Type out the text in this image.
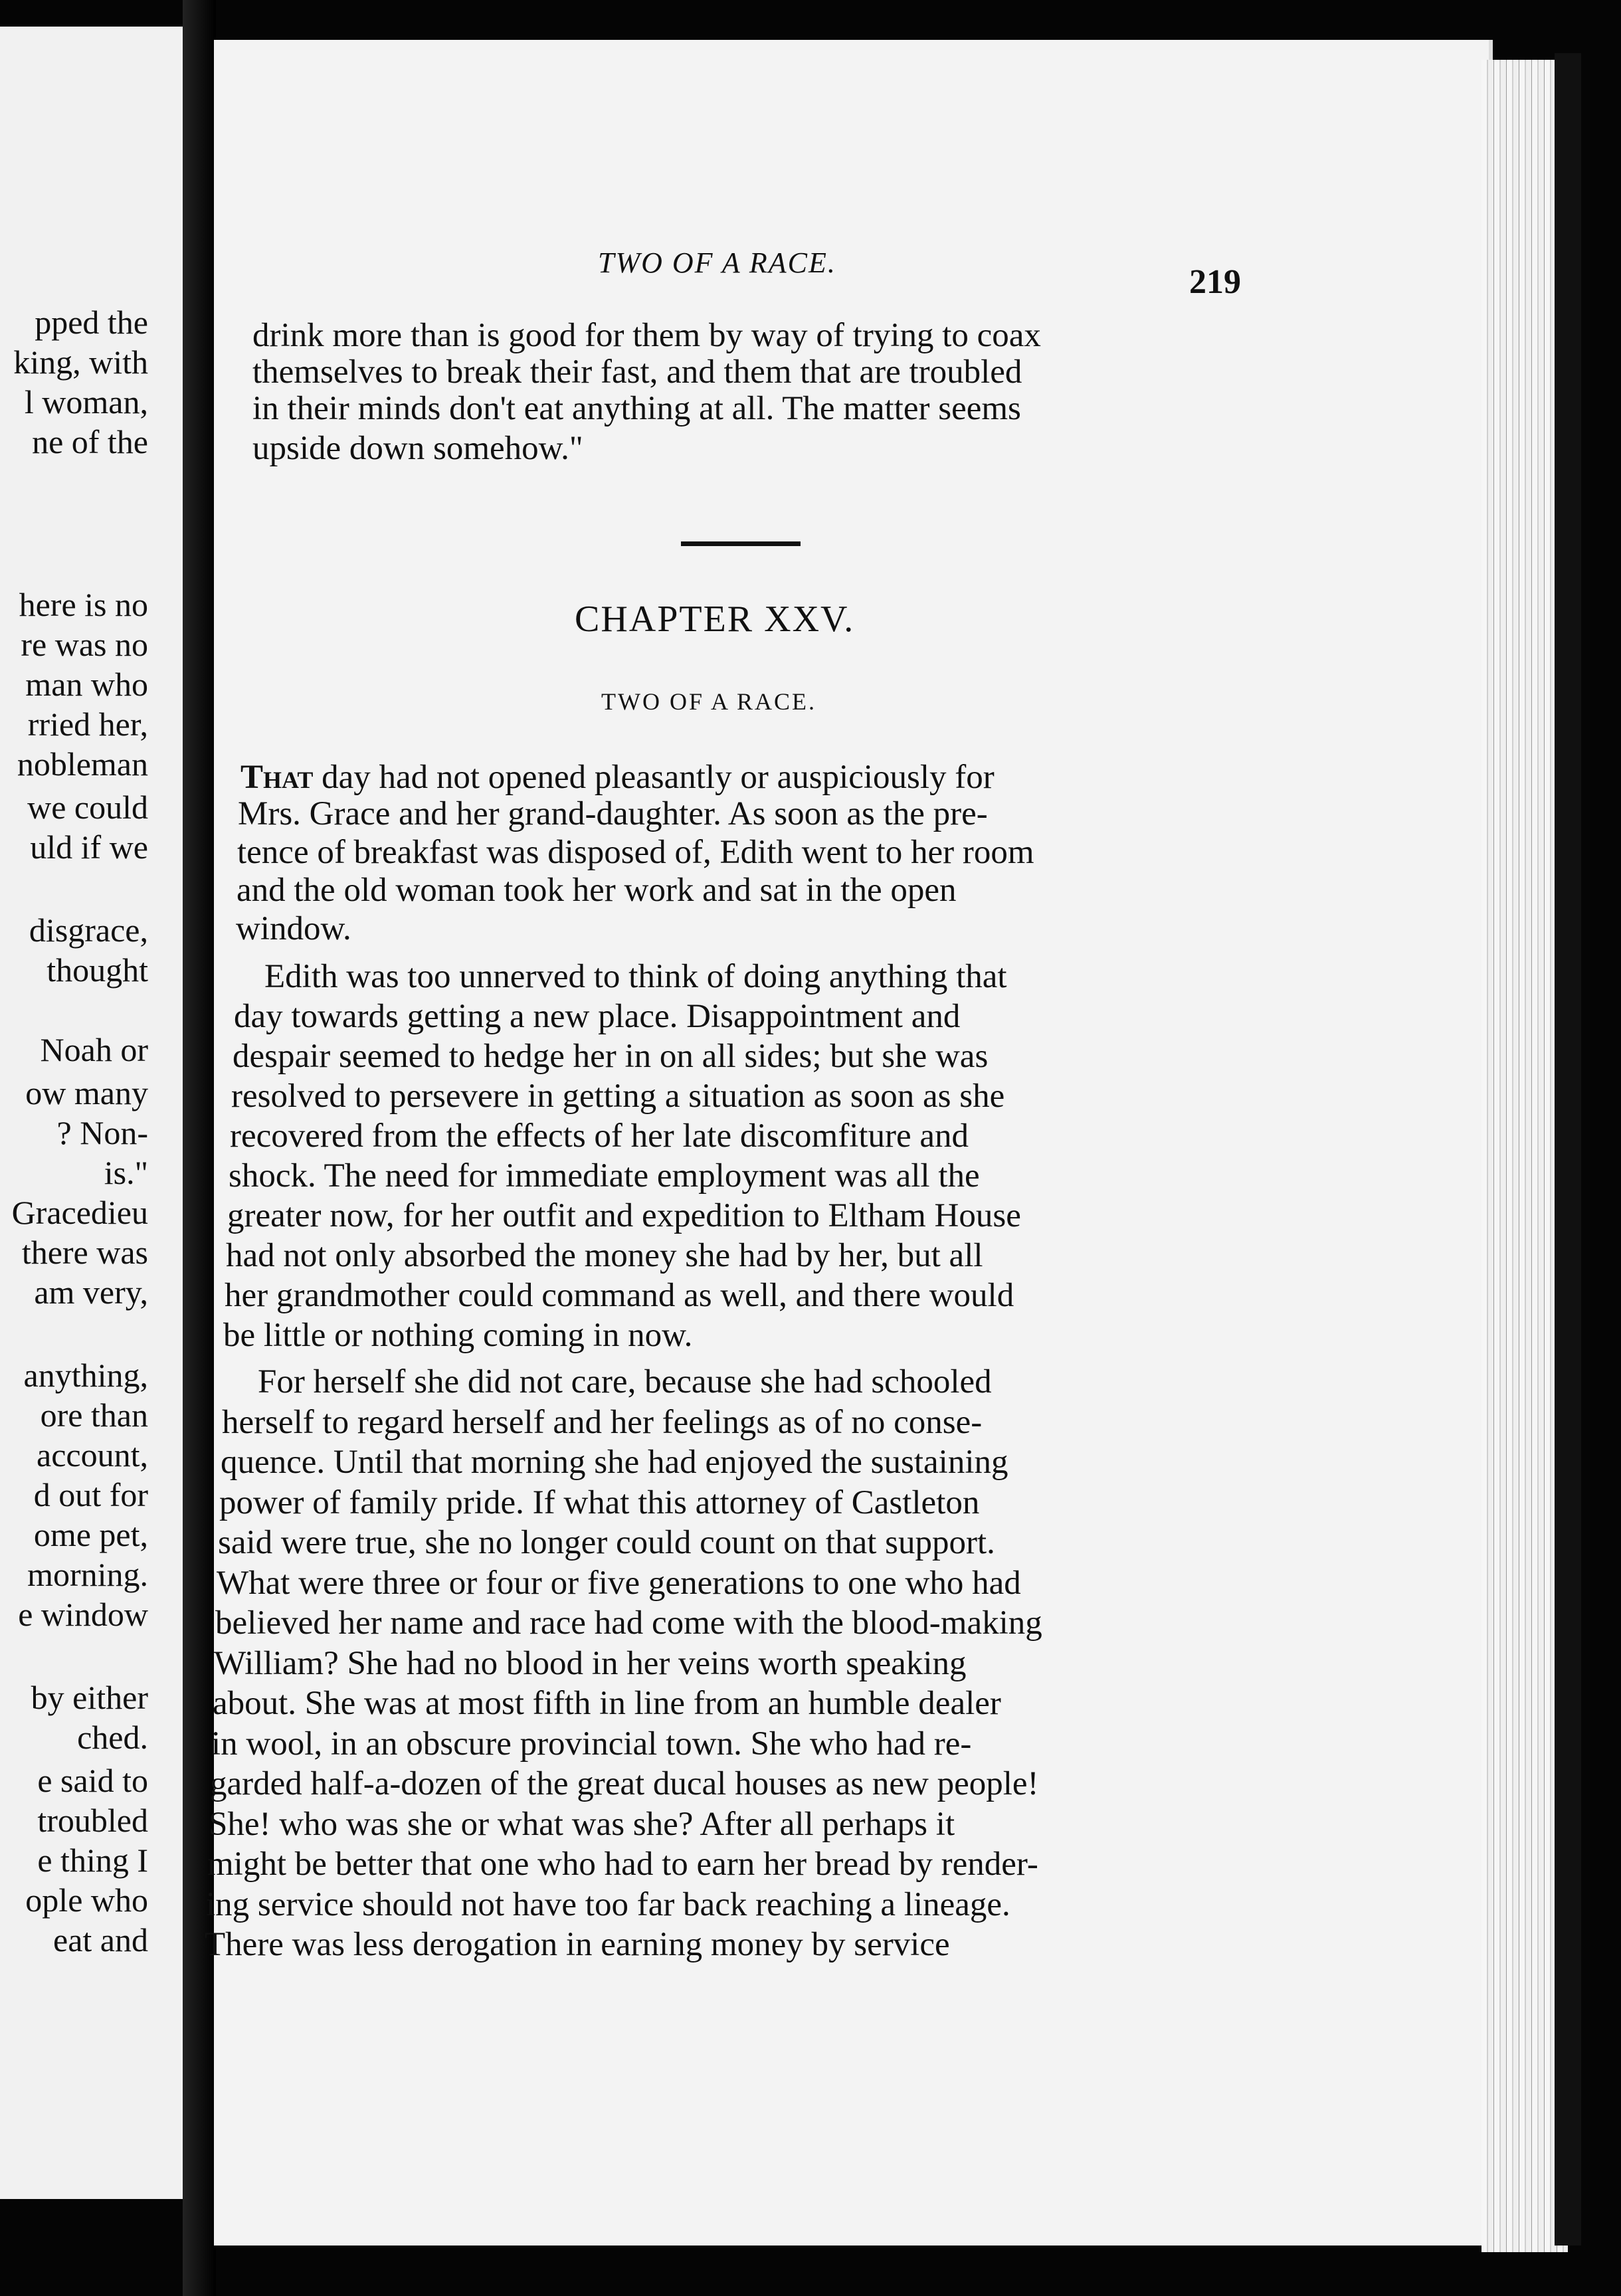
pped the
king, with
l woman,
ne of the
here is no
re was no
man who
rried her,
nobleman
we could
uld if we
disgrace,
thought
Noah or
ow many
? Non-
is."
Gracedieu
there was
am very,
anything,
ore than
account,
d out for
ome pet,
morning.
e window
by either
ched.
e said to
troubled
e thing I
ople who
eat and
TWO OF A RACE.
219
drink more than is good for them by way of trying to coax
themselves to break their fast, and them that are troubled
in their minds don't eat anything at all. The matter seems
upside down somehow."
That day had not opened pleasantly or auspiciously for
Mrs. Grace and her grand-daughter. As soon as the pre-
tence of breakfast was disposed of, Edith went to her room
and the old woman took her work and sat in the open
window.
Edith was too unnerved to think of doing anything that
day towards getting a new place. Disappointment and
despair seemed to hedge her in on all sides; but she was
resolved to persevere in getting a situation as soon as she
recovered from the effects of her late discomfiture and
shock. The need for immediate employment was all the
greater now, for her outfit and expedition to Eltham House
had not only absorbed the money she had by her, but all
her grandmother could command as well, and there would
be little or nothing coming in now.
For herself she did not care, because she had schooled
herself to regard herself and her feelings as of no conse-
quence. Until that morning she had enjoyed the sustaining
power of family pride. If what this attorney of Castleton
said were true, she no longer could count on that support.
What were three or four or five generations to one who had
believed her name and race had come with the blood-making
William? She had no blood in her veins worth speaking
about. She was at most fifth in line from an humble dealer
in wool, in an obscure provincial town. She who had re-
garded half-a-dozen of the great ducal houses as new people!
She! who was she or what was she? After all perhaps it
might be better that one who had to earn her bread by render-
ing service should not have too far back reaching a lineage.
There was less derogation in earning money by service
CHAPTER XXV.
TWO OF A RACE.
